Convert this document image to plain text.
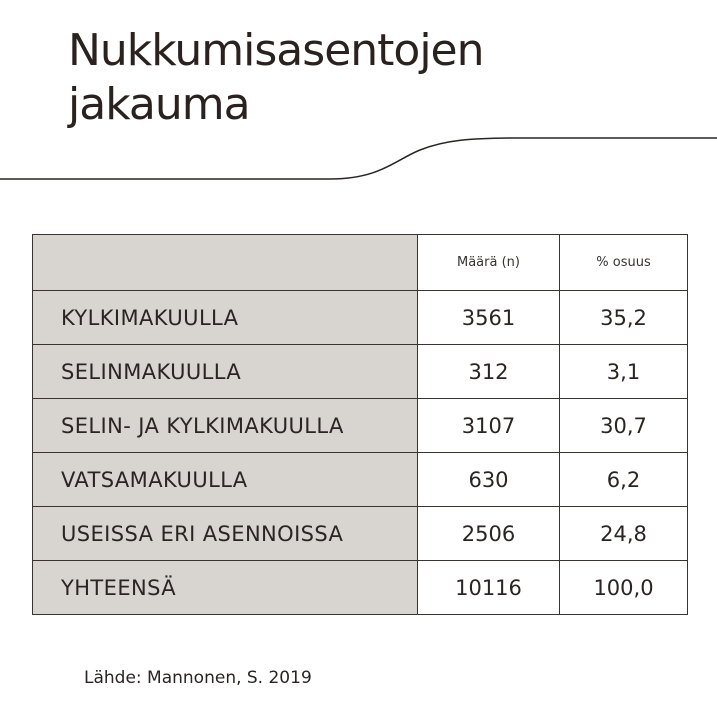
Nukkumisasentojen
jakauma
	Määrä (n)	% osuus
KYLKIMAKUULLA	3561	35,2
SELINMAKUULLA	312	3,1
SELIN- JA KYLKIMAKUULLA	3107	30,7
VATSAMAKUULLA	630	6,2
USEISSA ERI ASENNOISSA	2506	24,8
YHTEENSÄ	10116	100,0
Lähde: Mannonen, S. 2019
